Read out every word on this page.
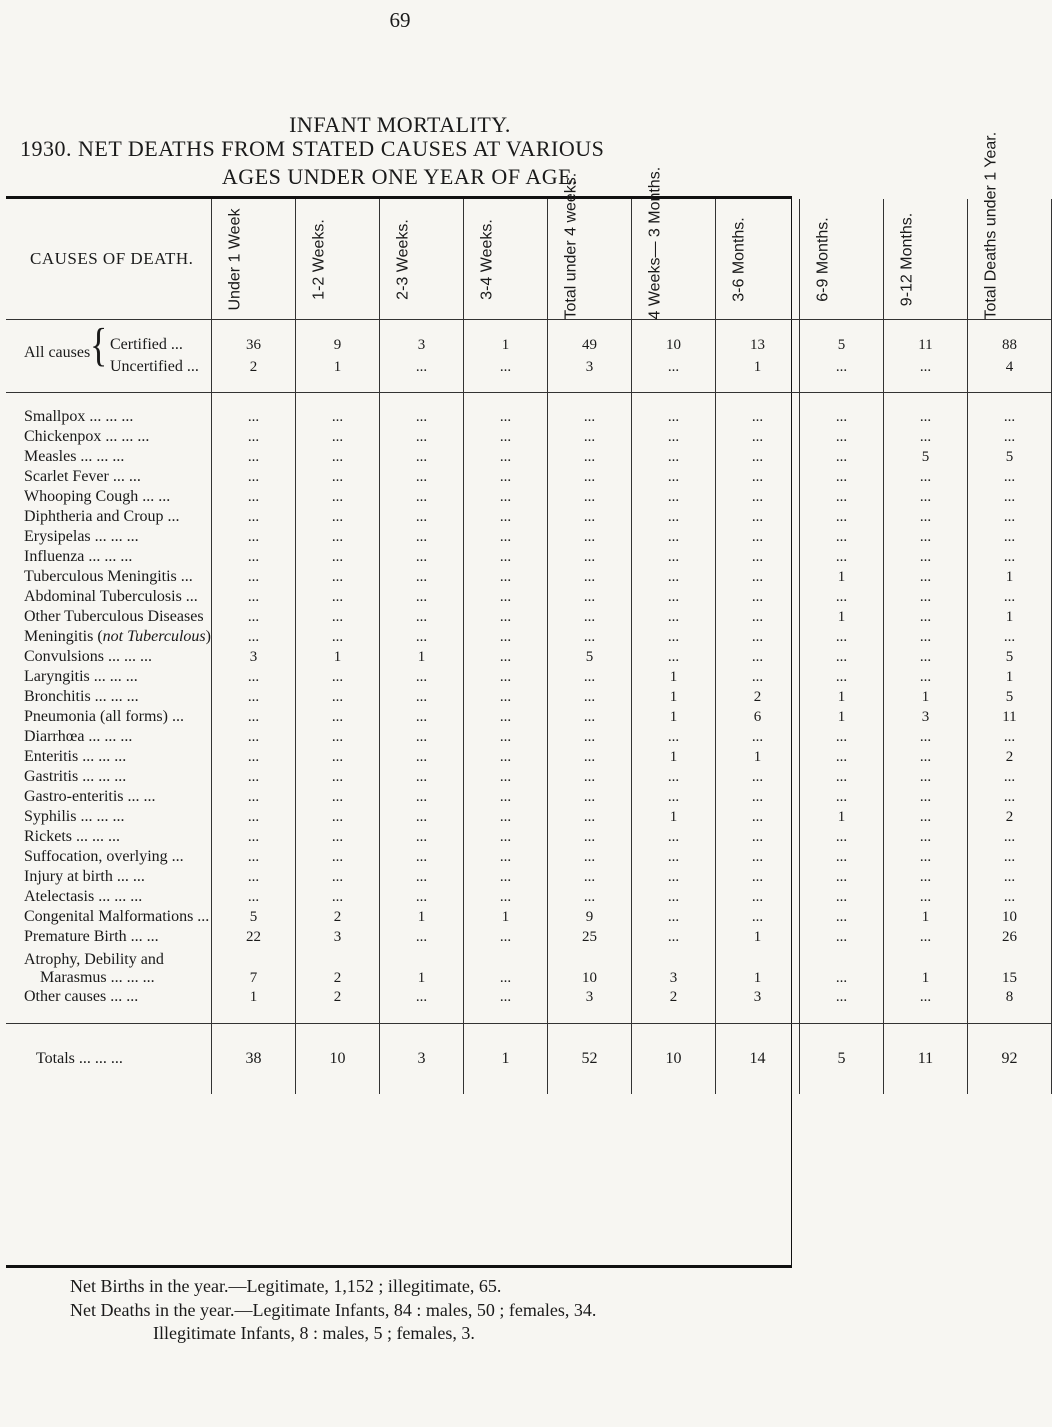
69
INFANT MORTALITY.
1930. NET DEATHS FROM STATED CAUSES AT VARIOUS
AGES UNDER ONE YEAR OF AGE.
CAUSES OF DEATH.	Under 1 Week	1-2 Weeks.	2-3 Weeks.	3-4 Weeks.	Total under 4 weeks.	4 Weeks— 3 Months.	3-6 Months.	6-9 Months.	9-12 Months.	Total Deaths under 1 Year.

All causes { Certified ...	36	9	3	1	49	10	13	5	11	88

Uncertified ...	2	1	...	...	3	...	1	...	...	4

Smallpox ... ... ...	...	...	...	...	...	...	...	...	...	...
Chickenpox ... ... ...	...	...	...	...	...	...	...	...	...	...
Measles ... ... ...	...	...	...	...	...	...	...	...	5	5
Scarlet Fever ... ...	...	...	...	...	...	...	...	...	...	...
Whooping Cough ... ...	...	...	...	...	...	...	...	...	...	...
Diphtheria and Croup ...	...	...	...	...	...	...	...	...	...	...
Erysipelas ... ... ...	...	...	...	...	...	...	...	...	...	...
Influenza ... ... ...	...	...	...	...	...	...	...	...	...	...
Tuberculous Meningitis ...	...	...	...	...	...	...	...	1	...	1
Abdominal Tuberculosis ...	...	...	...	...	...	...	...	...	...	...
Other Tuberculous Diseases	...	...	...	...	...	...	...	1	...	1
Meningitis (not Tuberculous)	...	...	...	...	...	...	...	...	...	...
Convulsions ... ... ...	3	1	1	...	5	...	...	...	...	5
Laryngitis ... ... ...	...	...	...	...	...	1	...	...	...	1
Bronchitis ... ... ...	...	...	...	...	...	1	2	1	1	5
Pneumonia (all forms) ...	...	...	...	...	...	1	6	1	3	11
Diarrhœa ... ... ...	...	...	...	...	...	...	...	...	...	...
Enteritis ... ... ...	...	...	...	...	...	1	1	...	...	2
Gastritis ... ... ...	...	...	...	...	...	...	...	...	...	...
Gastro-enteritis ... ...	...	...	...	...	...	...	...	...	...	...
Syphilis ... ... ...	...	...	...	...	...	1	...	1	...	2
Rickets ... ... ...	...	...	...	...	...	...	...	...	...	...
Suffocation, overlying ...	...	...	...	...	...	...	...	...	...	...
Injury at birth ... ...	...	...	...	...	...	...	...	...	...	...
Atelectasis ... ... ...	...	...	...	...	...	...	...	...	...	...
Congenital Malformations ...	5	2	1	1	9	...	...	...	1	10
Premature Birth ... ...	22	3	...	...	25	...	1	...	...	26

Atrophy, Debility and
Marasmus ... ... ...	7	2	1	...	10	3	1	...	1	15
Other causes ... ...	1	2	...	...	3	2	3	...	...	8

Totals ... ... ...	38	10	3	1	52	10	14	5	11	92
Net Births in the year.—Legitimate, 1,152 ; illegitimate, 65.
Net Deaths in the year.—Legitimate Infants, 84 : males, 50 ; females, 34.
Illegitimate Infants, 8 : males, 5 ; females, 3.
